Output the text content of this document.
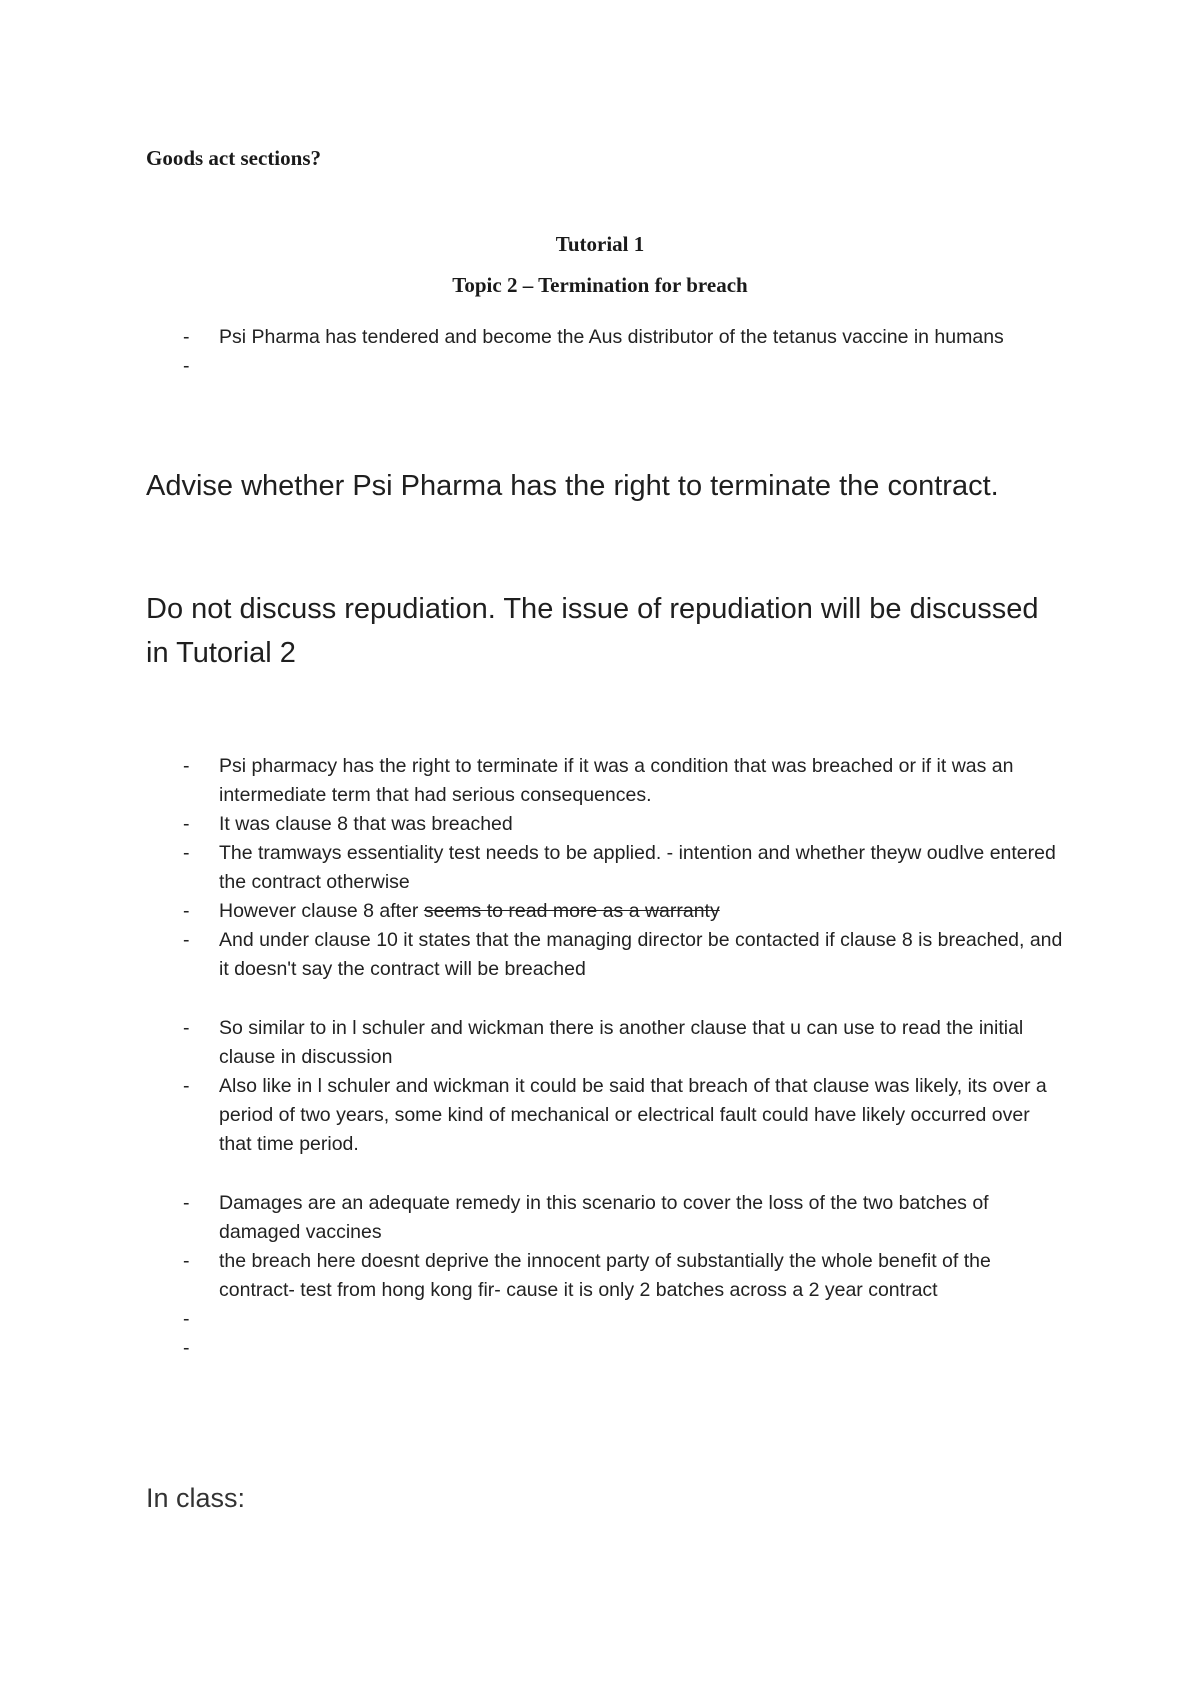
Goods act sections?
Tutorial 1
Topic 2 – Termination for breach
- Psi Pharma has tendered and become the Aus distributor of the tetanus vaccine in humans
-

Advise whether Psi Pharma has the right to terminate the contract.

Do not discuss repudiation. The issue of repudiation will be discussed in Tutorial 2

- Psi pharmacy has the right to terminate if it was a condition that was breached or if it was an intermediate term that had serious consequences.
- It was clause 8 that was breached
- The tramways essentiality test needs to be applied. - intention and whether theyw oudlve entered the contract otherwise
- However clause 8 after seems to read more as a warranty
- And under clause 10 it states that the managing director be contacted if clause 8 is breached, and it doesn't say the contract will be breached
- So similar to in l schuler and wickman there is another clause that u can use to read the initial clause in discussion
- Also like in l schuler and wickman it could be said that breach of that clause was likely, its over a period of two years, some kind of mechanical or electrical fault could have likely occurred over that time period.
- Damages are an adequate remedy in this scenario to cover the loss of the two batches of damaged vaccines
- the breach here doesnt deprive the innocent party of substantially the whole benefit of the contract- test from hong kong fir- cause it is only 2 batches across a 2 year contract
-
-

In class:
